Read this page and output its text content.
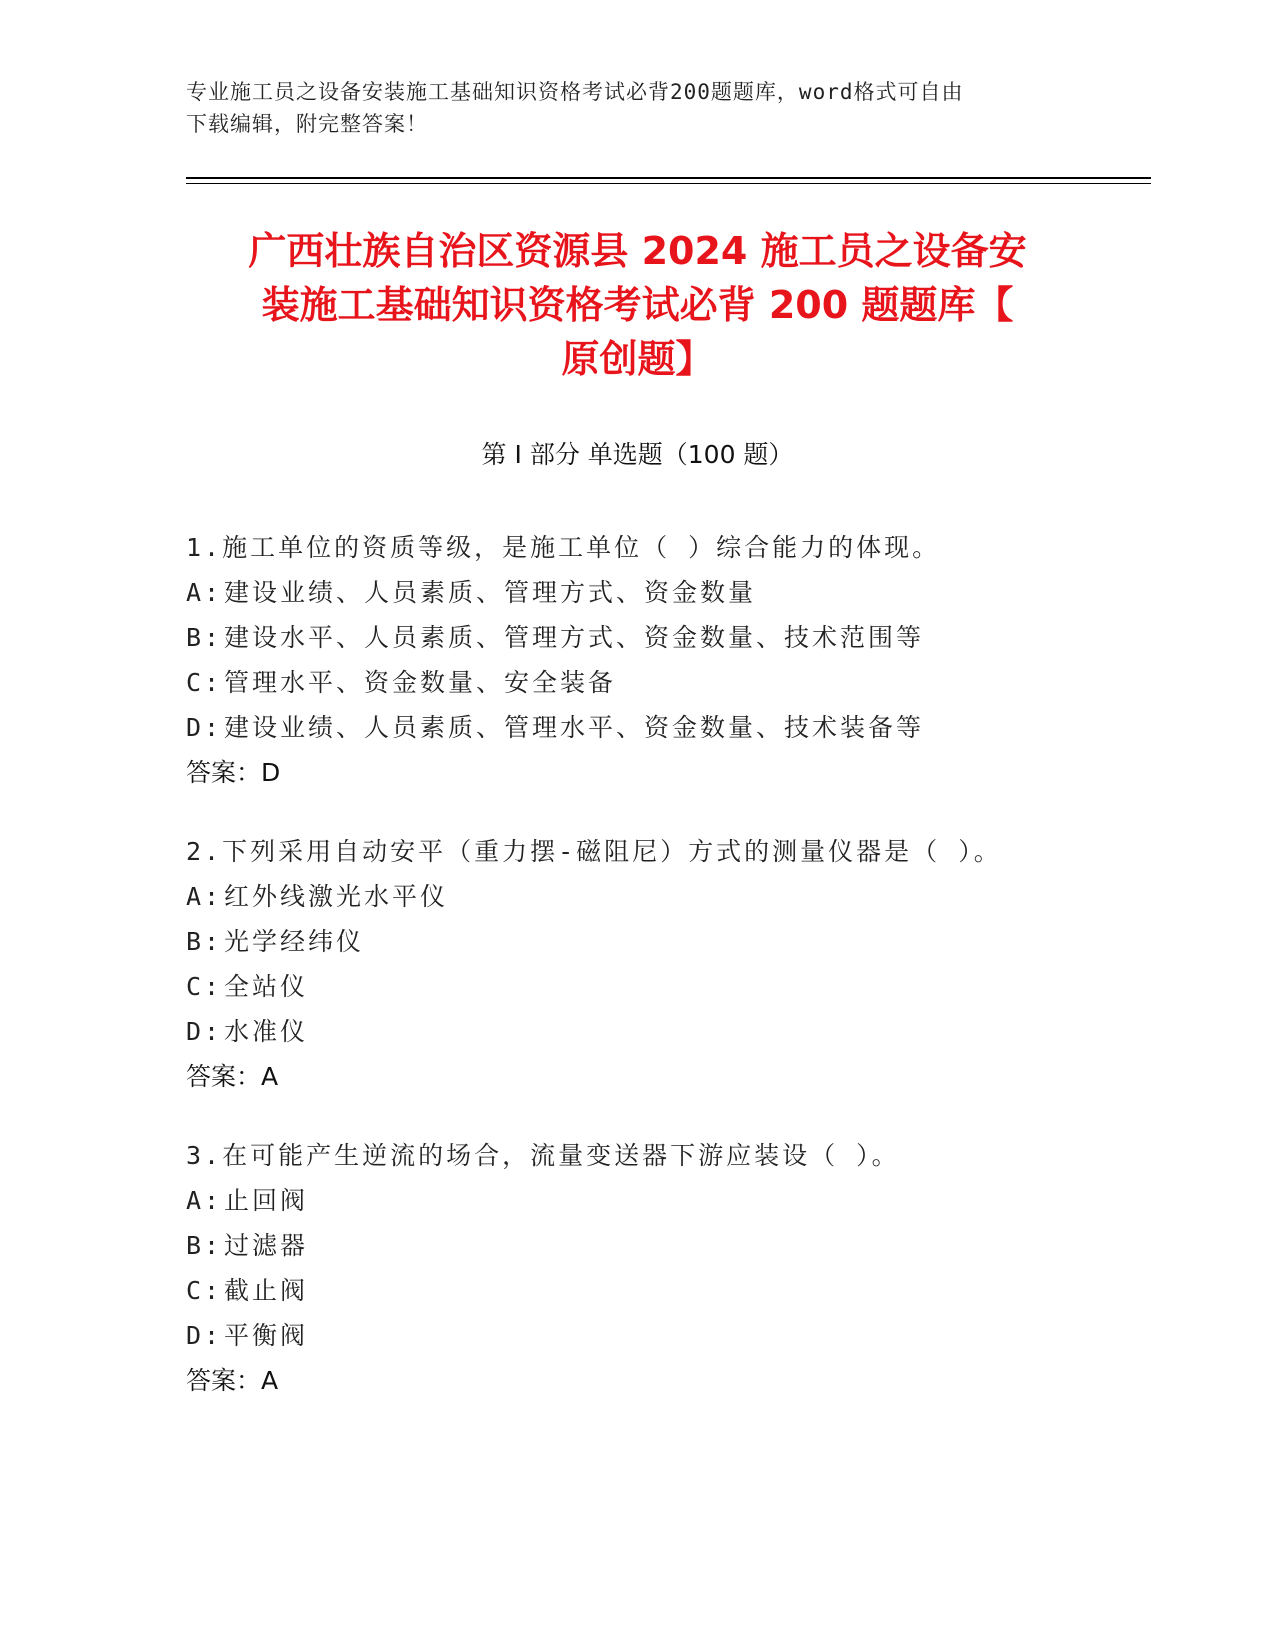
专业施工员之设备安装施工基础知识资格考试必背200题题库，word格式可自由
下载编辑，附完整答案！
广西壮族自治区资源县 2024 施工员之设备安
装施工基础知识资格考试必背 200 题题库【
原创题】
第 I 部分 单选题（100 题）
1.施工单位的资质等级，是施工单位（ ）综合能力的体现。
A:建设业绩、人员素质、管理方式、资金数量
B:建设水平、人员素质、管理方式、资金数量、技术范围等
C:管理水平、资金数量、安全装备
D:建设业绩、人员素质、管理水平、资金数量、技术装备等
答案：D
2.下列采用自动安平（重力摆-磁阻尼）方式的测量仪器是（ ）。
A:红外线激光水平仪
B:光学经纬仪
C:全站仪
D:水准仪
答案：A
3.在可能产生逆流的场合，流量变送器下游应装设（ ）。
A:止回阀
B:过滤器
C:截止阀
D:平衡阀
答案：A
